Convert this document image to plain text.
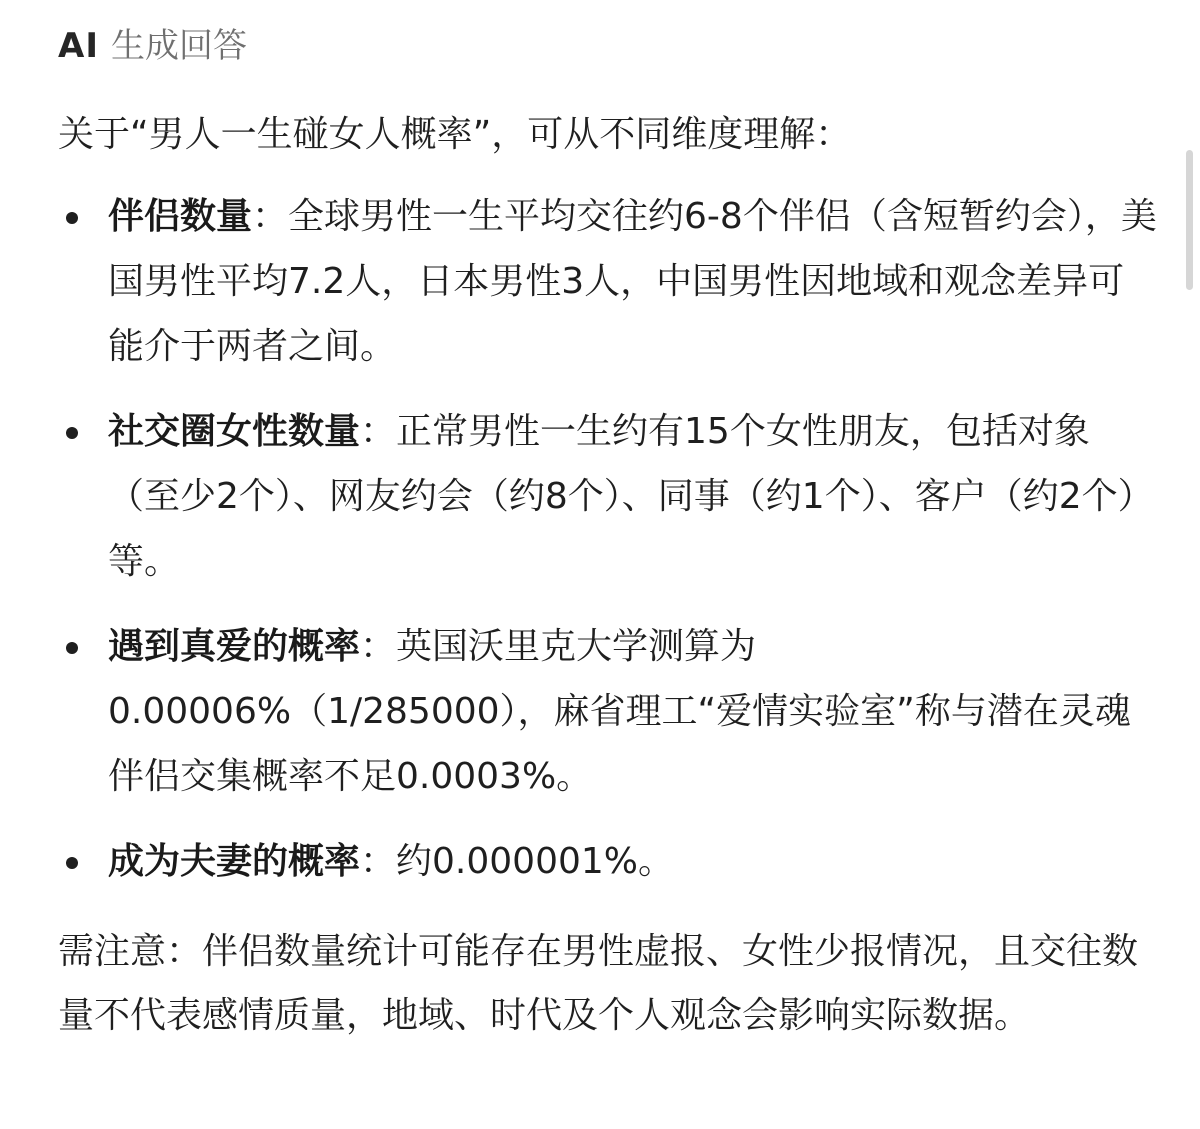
AI 生成回答

关于“男人一生碰女人概率”，可从不同维度理解：

伴侣数量：全球男性一生平均交往约6-8个伴侣（含短暂约会），美国男性平均7.2人，日本男性3人，中国男性因地域和观念差异可能介于两者之间。
社交圈女性数量：正常男性一生约有15个女性朋友，包括对象（至少2个）、网友约会（约8个）、同事（约1个）、客户（约2个）等。
遇到真爱的概率：英国沃里克大学测算为0.00006%（1/285000），麻省理工“爱情实验室”称与潜在灵魂伴侣交集概率不足0.0003%。
成为夫妻的概率：约0.000001%。

需注意：伴侣数量统计可能存在男性虚报、女性少报情况，且交往数量不代表感情质量，地域、时代及个人观念会影响实际数据。
